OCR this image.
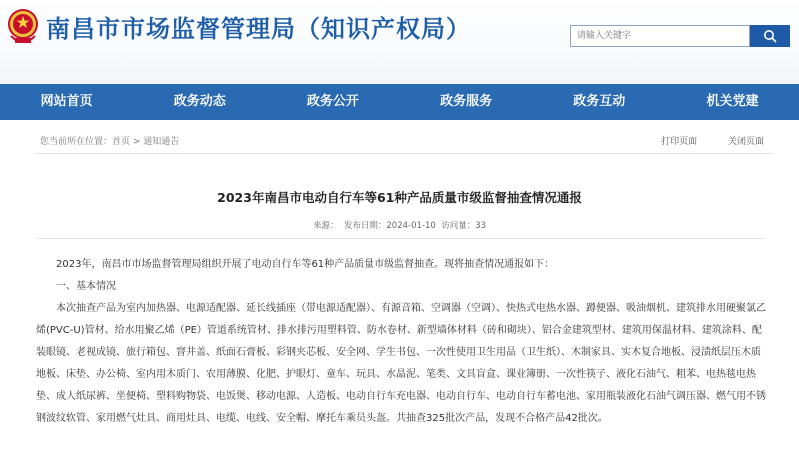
南昌市市场监督管理局（知识产权局）
请输入关键字
网站首页	政务动态	政务公开	政务服务	政务互动	机关党建
您当前所在位置：首页 > 通知通告	打印页面	关闭页面
2023年南昌市电动自行车等61种产品质量市级监督抽查情况通报
来源： 发布日期：2024-01-10 访问量：33

2023年，南昌市市场监督管理局组织开展了电动自行车等61种产品质量市级监督抽查。现将抽查情况通报如下：

一、基本情况

本次抽查产品为室内加热器、电源适配器、延长线插座（带电源适配器）、有源音箱、空调器（空调）、快热式电热水器、蹲便器、吸油烟机、建筑排水用硬聚氯乙烯(PVC-U)管材、给水用聚乙烯（PE）管道系统管材、排水排污用塑料管、防水卷材、新型墙体材料（砖和砌块）、铝合金建筑型材、建筑用保温材料、建筑涂料、配装眼镜、老视成镜、旅行箱包、窨井盖、纸面石膏板、彩钢夹芯板、安全网、学生书包、一次性使用卫生用品（卫生纸）、木制家具、实木复合地板、浸渍纸层压木质地板、床垫、办公椅、室内用木质门、农用薄膜、化肥、护眼灯、童车、玩具、水晶泥、笔类、文具盲盒、课业簿册、一次性筷子、液化石油气、粗苯、电热毯电热垫、成人纸尿裤、坐便椅、塑料购物袋、电饭煲、移动电源、人造板、电动自行车充电器、电动自行车、电动自行车蓄电池、家用瓶装液化石油气调压器、燃气用不锈钢波纹软管、家用燃气灶具、商用灶具、电缆、电线、安全帽、摩托车乘员头盔。共抽查325批次产品，发现不合格产品42批次。
